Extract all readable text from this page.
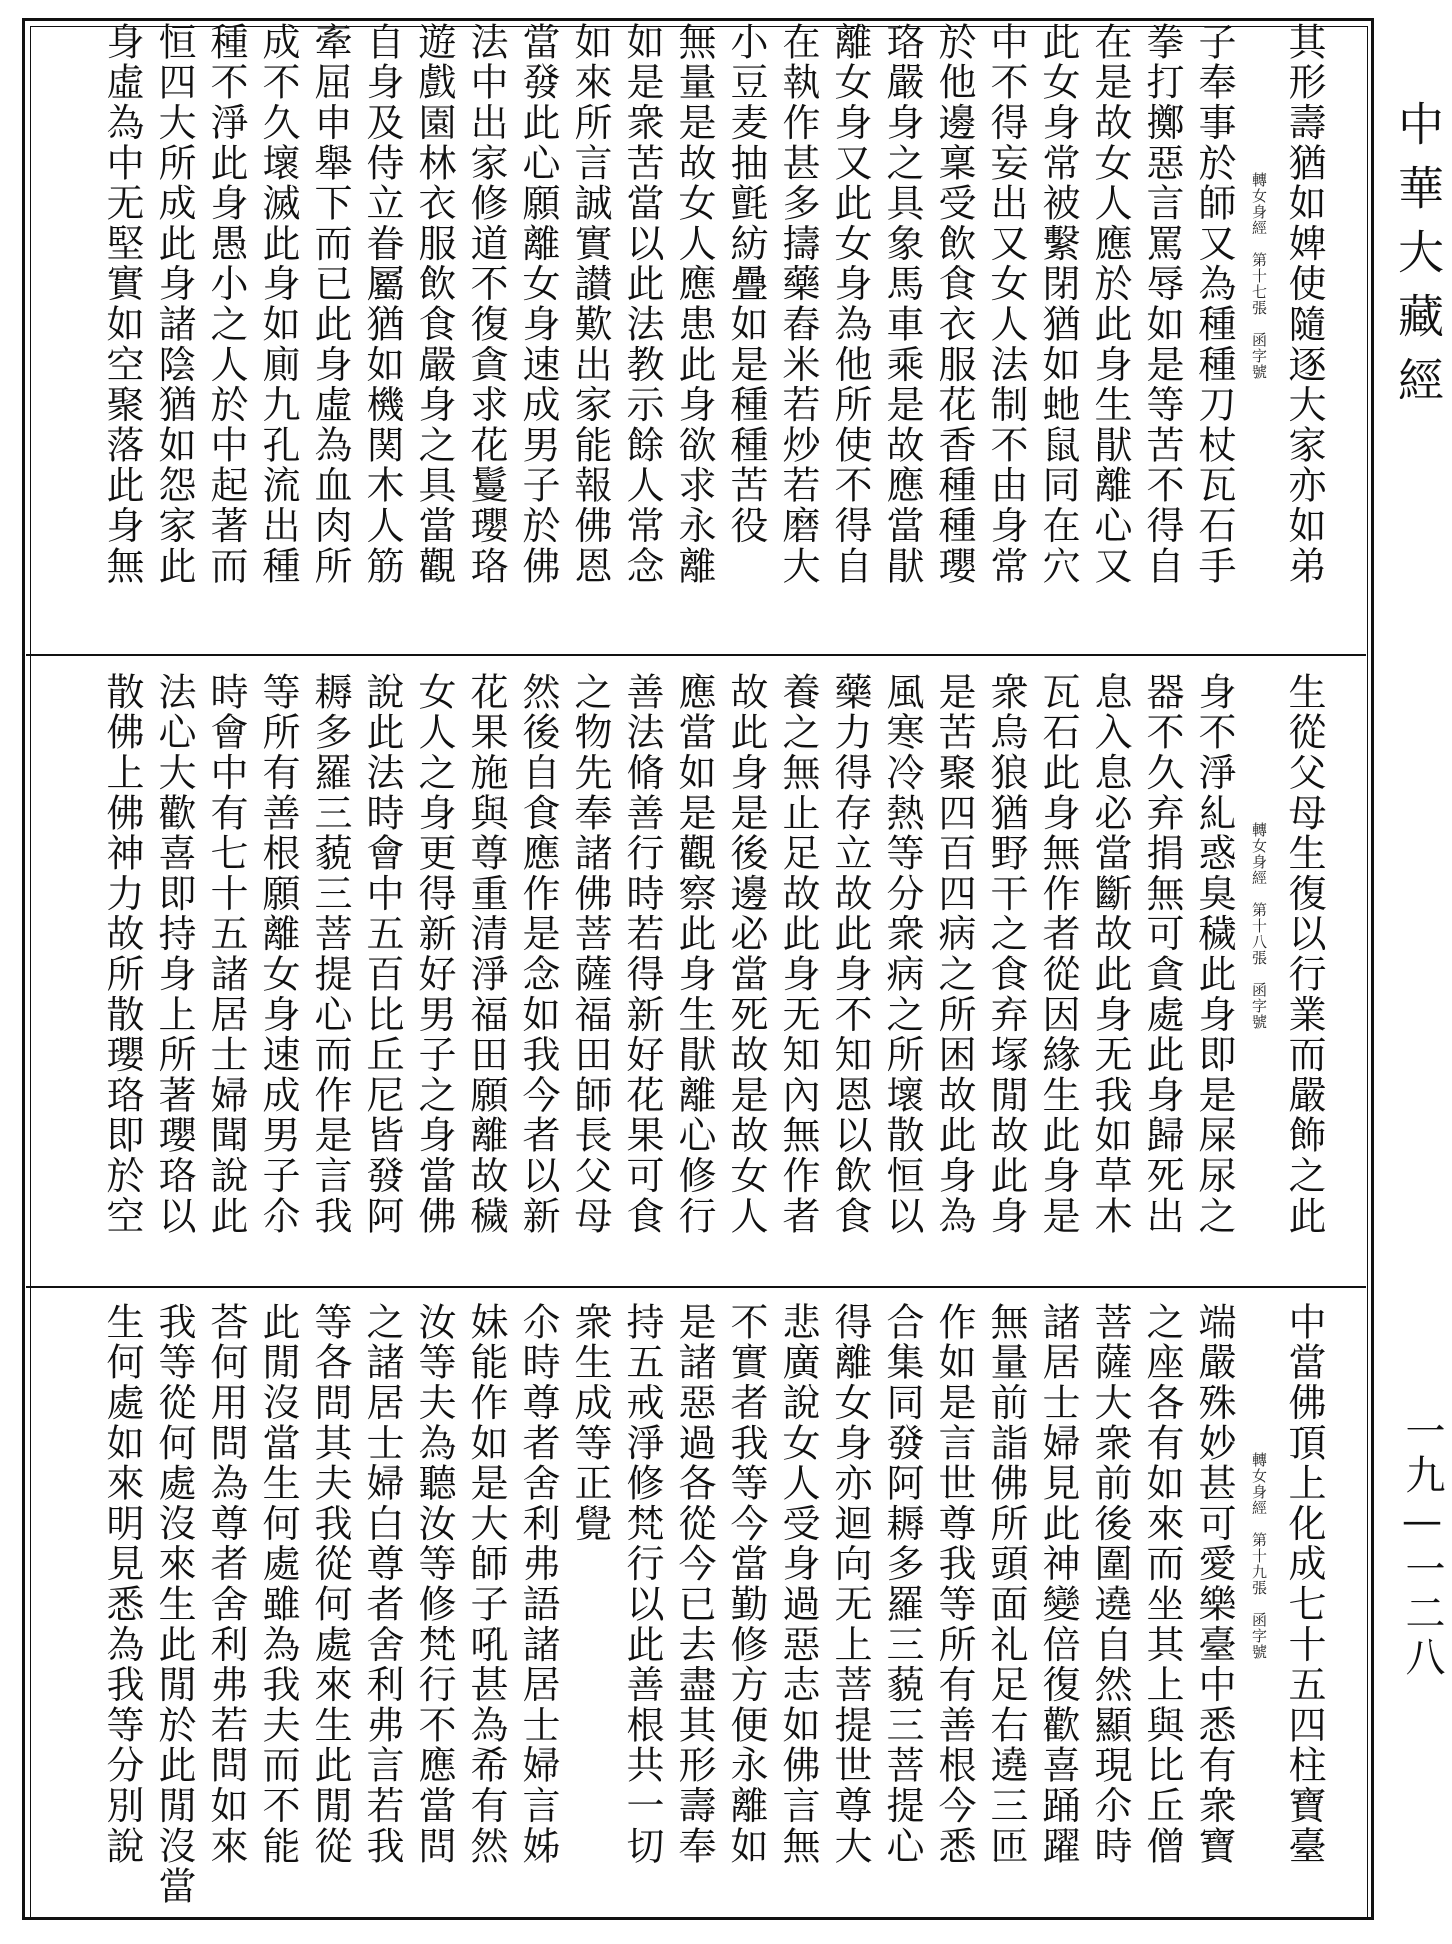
其形壽猶如婢使隨逐大家亦如弟
轉女身經　第十七張　函字號
子奉事於師又為種種刀杖瓦石手
拳打擲惡言罵辱如是等苦不得自
在是故女人應於此身生猒離心又
此女身常被繫閉猶如虵鼠同在穴
中不得妄出又女人法制不由身常
於他邊稟受飲食衣服花香種種瓔
珞嚴身之具象馬車乘是故應當猒
離女身又此女身為他所使不得自
在執作甚多擣藥舂米若炒若磨大
小豆麦抽氈紡疊如是種種苦役
無量是故女人應患此身欲求永離
如是衆苦當以此法教示餘人常念
如來所言誠實讃歎出家能報佛恩
當發此心願離女身速成男子於佛
法中出家修道不復貪求花鬘瓔珞
遊戲園林衣服飲食嚴身之具當觀
自身及侍立眷屬猶如機関木人筋
牽屈申舉下而已此身虛為血肉所
成不久壞滅此身如廁九孔流出種
種不淨此身愚小之人於中起著而
恒四大所成此身諸陰猶如怨家此
身虛為中无堅實如空聚落此身無
生從父母生復以行業而嚴飾之此
轉女身經　第十八張　函字號
身不淨糺惑臭穢此身即是屎尿之
器不久弃捐無可貪處此身歸死出
息入息必當斷故此身无我如草木
瓦石此身無作者從因緣生此身是
衆烏狼猶野干之食弃塜閒故此身
是苦聚四百四病之所困故此身為
風寒冷熱等分衆病之所壞散恒以
藥力得存立故此身不知恩以飲食
養之無止足故此身无知內無作者
故此身是後邊必當死故是故女人
應當如是觀察此身生猒離心修行
善法脩善行時若得新好花果可食
之物先奉諸佛菩薩福田師長父母
然後自食應作是念如我今者以新
花果施與尊重清淨福田願離故穢
女人之身更得新好男子之身當佛
說此法時會中五百比丘尼皆發阿
耨多羅三藐三菩提心而作是言我
等所有善根願離女身速成男子尒
時會中有七十五諸居士婦聞說此
法心大歡喜即持身上所著瓔珞以
散佛上佛神力故所散瓔珞即於空
中當佛頂上化成七十五四柱寶臺
轉女身經　第十九張　函字號
端嚴殊妙甚可愛樂臺中悉有衆寶
之座各有如來而坐其上與比丘僧
菩薩大衆前後圍遶自然顯現尒時
諸居士婦見此神變倍復歡喜踊躍
無量前詣佛所頭面礼足右遶三匝
作如是言世尊我等所有善根今悉
合集同發阿耨多羅三藐三菩提心
得離女身亦迴向无上菩提世尊大
悲廣說女人受身過惡志如佛言無
不實者我等今當勤修方便永離如
是諸惡過各從今已去盡其形壽奉
持五戒淨修梵行以此善根共一切
衆生成等正覺
尒時尊者舍利弗語諸居士婦言姊
妹能作如是大師子吼甚為希有然
汝等夫為聽汝等修梵行不應當問
之諸居士婦白尊者舍利弗言若我
等各問其夫我從何處來生此閒從
此閒沒當生何處雖為我夫而不能
荅何用問為尊者舍利弗若問如來
我等從何處沒來生此閒於此閒沒當
生何處如來明見悉為我等分別說
中華大藏經
一九—一二八
